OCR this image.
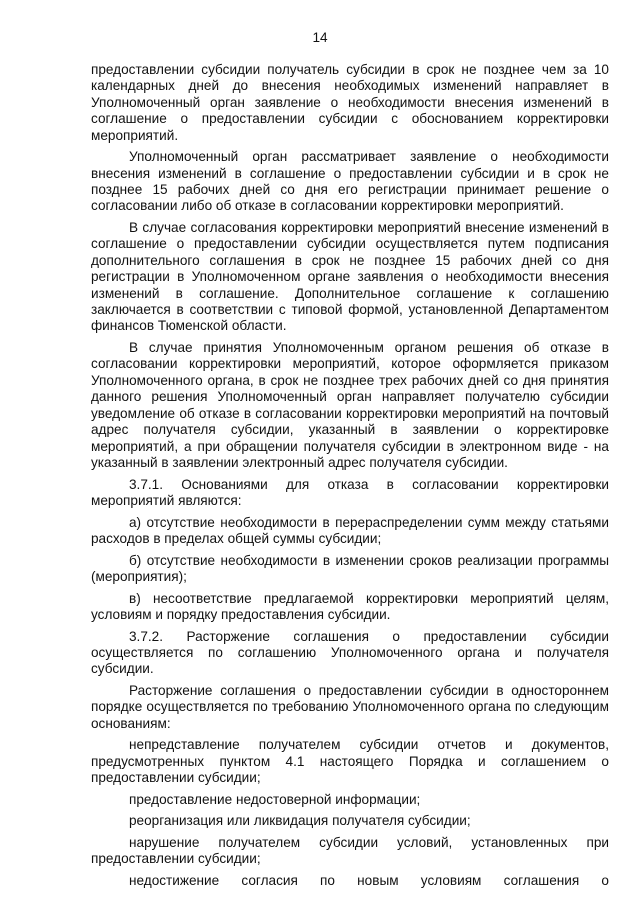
14

предоставлении субсидии получатель субсидии в срок не позднее чем за 10 календарных дней до внесения необходимых изменений направляет в Уполномоченный орган заявление о необходимости внесения изменений в соглашение о предоставлении субсидии с обоснованием корректировки мероприятий.

Уполномоченный орган рассматривает заявление о необходимости внесения изменений в соглашение о предоставлении субсидии и в срок не позднее 15 рабочих дней со дня его регистрации принимает решение о согласовании либо об отказе в согласовании корректировки мероприятий.

В случае согласования корректировки мероприятий внесение изменений в соглашение о предоставлении субсидии осуществляется путем подписания дополнительного соглашения в срок не позднее 15 рабочих дней со дня регистрации в Уполномоченном органе заявления о необходимости внесения изменений в соглашение. Дополнительное соглашение к соглашению заключается в соответствии с типовой формой, установленной Департаментом финансов Тюменской области.

В случае принятия Уполномоченным органом решения об отказе в согласовании корректировки мероприятий, которое оформляется приказом Уполномоченного органа, в срок не позднее трех рабочих дней со дня принятия данного решения Уполномоченный орган направляет получателю субсидии уведомление об отказе в согласовании корректировки мероприятий на почтовый адрес получателя субсидии, указанный в заявлении о корректировке мероприятий, а при обращении получателя субсидии в электронном виде - на указанный в заявлении электронный адрес получателя субсидии.

3.7.1. Основаниями для отказа в согласовании корректировки мероприятий являются:

а) отсутствие необходимости в перераспределении сумм между статьями расходов в пределах общей суммы субсидии;

б) отсутствие необходимости в изменении сроков реализации программы (мероприятия);

в) несоответствие предлагаемой корректировки мероприятий целям, условиям и порядку предоставления субсидии.

3.7.2. Расторжение соглашения о предоставлении субсидии осуществляется по соглашению Уполномоченного органа и получателя субсидии.

Расторжение соглашения о предоставлении субсидии в одностороннем порядке осуществляется по требованию Уполномоченного органа по следующим основаниям:

непредставление получателем субсидии отчетов и документов, предусмотренных пунктом 4.1 настоящего Порядка и соглашением о предоставлении субсидии;

предоставление недостоверной информации;

реорганизация или ликвидация получателя субсидии;

нарушение получателем субсидии условий, установленных при предоставлении субсидии;

недостижение согласия по новым условиям соглашения о
